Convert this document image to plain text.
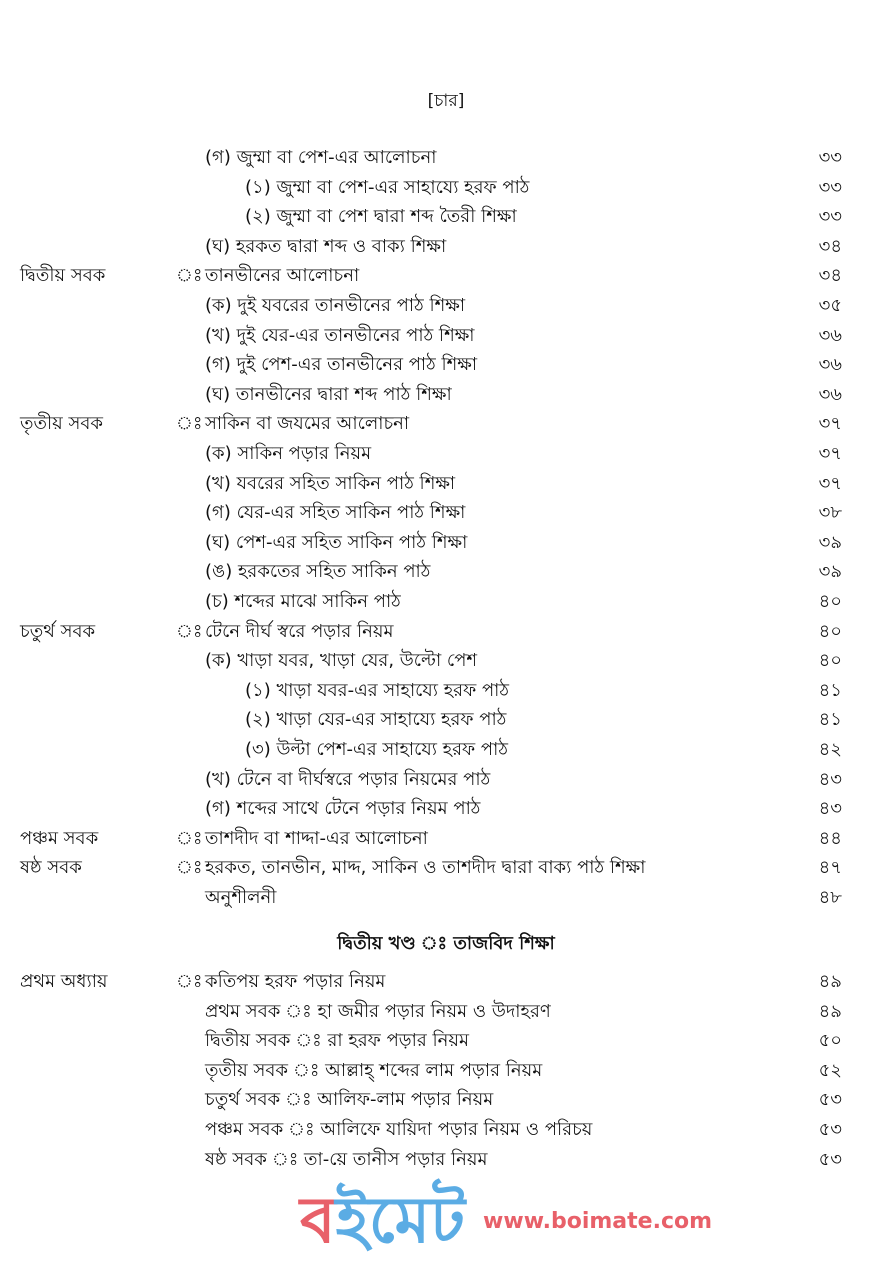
[চার]
(গ) জুম্মা বা পেশ-এর আলোচনা	৩৩
(১) জুম্মা বা পেশ-এর সাহায্যে হরফ পাঠ	৩৩
(২) জুম্মা বা পেশ দ্বারা শব্দ তৈরী শিক্ষা	৩৩
(ঘ) হরকত দ্বারা শব্দ ও বাক্য শিক্ষা	৩৪
দ্বিতীয় সবক	ঃ তানভীনের আলোচনা	৩৪
(ক) দুই যবরের তানভীনের পাঠ শিক্ষা	৩৫
(খ) দুই যের-এর তানভীনের পাঠ শিক্ষা	৩৬
(গ) দুই পেশ-এর তানভীনের পাঠ শিক্ষা	৩৬
(ঘ) তানভীনের দ্বারা শব্দ পাঠ শিক্ষা	৩৬
তৃতীয় সবক	ঃ সাকিন বা জযমের আলোচনা	৩৭
(ক) সাকিন পড়ার নিয়ম	৩৭
(খ) যবরের সহিত সাকিন পাঠ শিক্ষা	৩৭
(গ) যের-এর সহিত সাকিন পাঠ শিক্ষা	৩৮
(ঘ) পেশ-এর সহিত সাকিন পাঠ শিক্ষা	৩৯
(ঙ) হরকতের সহিত সাকিন পাঠ	৩৯
(চ) শব্দের মাঝে সাকিন পাঠ	৪০
চতুর্থ সবক	ঃ টেনে দীর্ঘ স্বরে পড়ার নিয়ম	৪০
(ক) খাড়া যবর, খাড়া যের, উল্টো পেশ	৪০
(১) খাড়া যবর-এর সাহায্যে হরফ পাঠ	৪১
(২) খাড়া যের-এর সাহায্যে হরফ পাঠ	৪১
(৩) উল্টা পেশ-এর সাহায্যে হরফ পাঠ	৪২
(খ) টেনে বা দীর্ঘস্বরে পড়ার নিয়মের পাঠ	৪৩
(গ) শব্দের সাথে টেনে পড়ার নিয়ম পাঠ	৪৩
পঞ্চম সবক	ঃ তাশদীদ বা শাদ্দা-এর আলোচনা	৪৪
ষষ্ঠ সবক	ঃ হরকত, তানভীন, মাদ্দ, সাকিন ও তাশদীদ দ্বারা বাক্য পাঠ শিক্ষা	৪৭
অনুশীলনী	৪৮
দ্বিতীয় খণ্ড ঃ তাজবিদ শিক্ষা
প্রথম অধ্যায়	ঃ কতিপয় হরফ পড়ার নিয়ম	৪৯
প্রথম সবক ঃ হা জমীর পড়ার নিয়ম ও উদাহরণ	৪৯
দ্বিতীয় সবক ঃ রা হরফ পড়ার নিয়ম	৫০
তৃতীয় সবক ঃ আল্লাহ্ শব্দের লাম পড়ার নিয়ম	৫২
চতুর্থ সবক ঃ আলিফ-লাম পড়ার নিয়ম	৫৩
পঞ্চম সবক ঃ আলিফে যায়িদা পড়ার নিয়ম ও পরিচয়	৫৩
ষষ্ঠ সবক ঃ তা-য়ে তানীস পড়ার নিয়ম	৫৩
বইমেট www.boimate.com
